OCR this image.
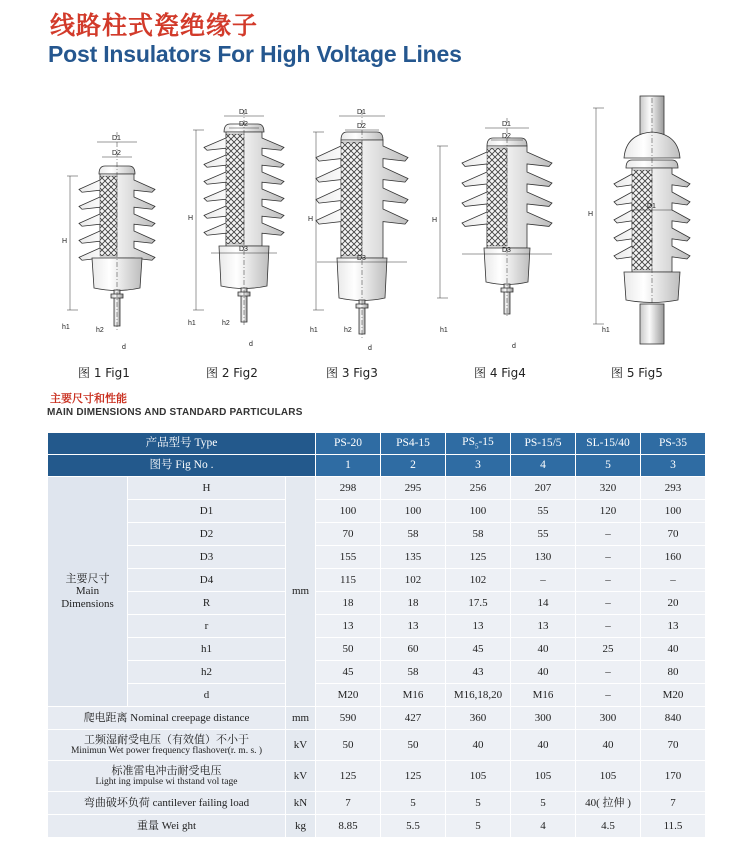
线路柱式瓷绝缘子
Post Insulators For High Voltage Lines
H
D1
D2
h1	h2
d
H
D1
D2
D3
h1	h2
d
H
D1
D2
D3
h1	h2
d
H
D1
D2
D3
h1
d
H
D1
h1
图 1 Fig1	图 2 Fig2	图 3 Fig3	图 4 Fig4	图 5 Fig5
主要尺寸和性能
MAIN DIMENSIONS AND STANDARD PARTICULARS
产品型号 Type			PS-20	PS4-15	$PS_5-15$	PS-15/5	SL-15/40	PS-35
图号 Fig No .			1	2	3	4	5	3

主要尺寸
Main
Dimensions	H	mm	298	295	256	207	320	293
	D1		100	100	100	55	120	100
	D2		70	58	58	55	–	70
	D3		155	135	125	130	–	160
	D4		115	102	102	–	–	–
	R		18	18	17.5	14	–	20
	r		13	13	13	13	–	13
	h1		50	60	45	40	25	40
	h2		45	58	43	40	–	80
	d		M20	M16	M16,18,20	M16	–	M20

爬电距离 Nominal creepage distance		mm	590	427	360	300	300	840

工频湿耐受电压（有效值）不小于
Minimun Wet power frequency flashover(r. m. s. )		kV	50	50	40	40	40	70

标准雷电冲击耐受电压
Light ing impulse wi thstand vol tage		kV	125	125	105	105	105	170

弯曲破坏负荷 cantilever failing load		kN	7	5	5	5	40( 拉伸 )	7

重量 Wei ght		kg	8.85	5.5	5	4	4.5	11.5
